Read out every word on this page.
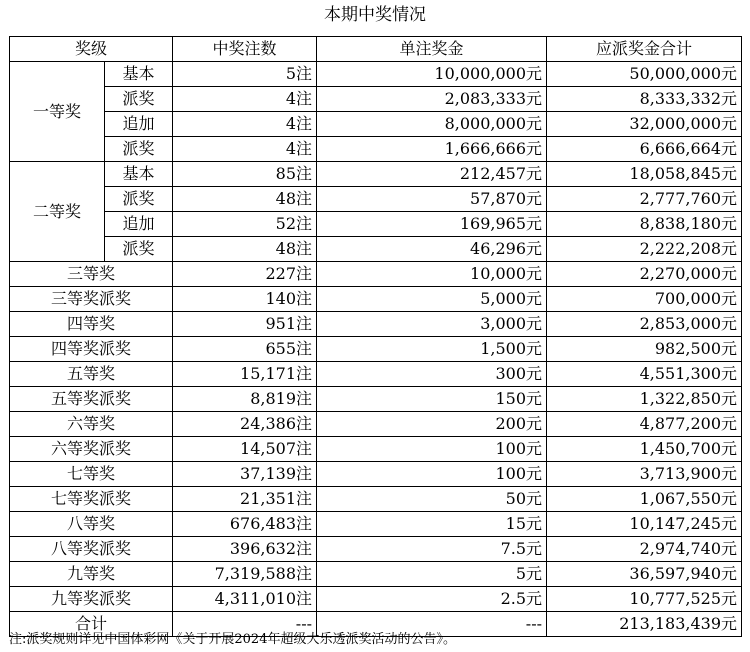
本期中奖情况
奖级		中奖注数	单注奖金	应派奖金合计
一等奖	基本	5注	10,000,000元	50,000,000元
	派奖	4注	2,083,333元	8,333,332元
	追加	4注	8,000,000元	32,000,000元
	派奖	4注	1,666,666元	6,666,664元
二等奖	基本	85注	212,457元	18,058,845元
	派奖	48注	57,870元	2,777,760元
	追加	52注	169,965元	8,838,180元
	派奖	48注	46,296元	2,222,208元
三等奖		227注	10,000元	2,270,000元
三等奖派奖		140注	5,000元	700,000元
四等奖		951注	3,000元	2,853,000元
四等奖派奖		655注	1,500元	982,500元
五等奖		15,171注	300元	4,551,300元
五等奖派奖		8,819注	150元	1,322,850元
六等奖		24,386注	200元	4,877,200元
六等奖派奖		14,507注	100元	1,450,700元
七等奖		37,139注	100元	3,713,900元
七等奖派奖		21,351注	50元	1,067,550元
八等奖		676,483注	15元	10,147,245元
八等奖派奖		396,632注	7.5元	2,974,740元
九等奖		7,319,588注	5元	36,597,940元
九等奖派奖		4,311,010注	2.5元	10,777,525元
合计		---	---	213,183,439元
注:派奖规则详见中国体彩网《关于开展2024年超级大乐透派奖活动的公告》。
